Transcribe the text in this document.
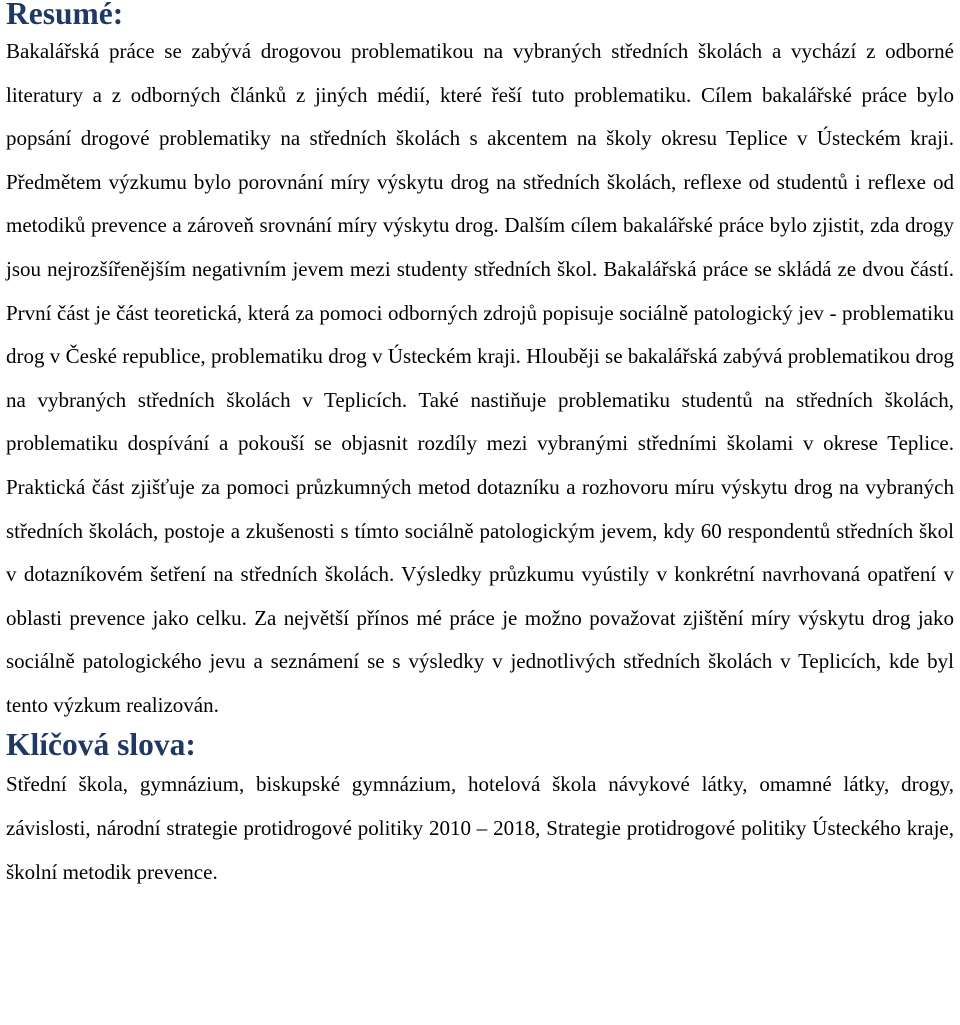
Resumé:

Bakalářská práce se zabývá drogovou problematikou na vybraných středních školách a vychází z odborné literatury a z odborných článků z jiných médií, které řeší tuto problematiku. Cílem bakalářské práce bylo popsání drogové problematiky na středních školách s akcentem na školy okresu Teplice v Ústeckém kraji. Předmětem výzkumu bylo porovnání míry výskytu drog na středních školách, reflexe od studentů i reflexe od metodiků prevence a zároveň srovnání míry výskytu drog. Dalším cílem bakalářské práce bylo zjistit, zda drogy jsou nejrozšířenějším negativním jevem mezi studenty středních škol. Bakalářská práce se skládá ze dvou částí. První část je část teoretická, která za pomoci odborných zdrojů popisuje sociálně patologický jev - problematiku drog v České republice, problematiku drog v Ústeckém kraji. Hlouběji se bakalářská zabývá problematikou drog na vybraných středních školách v Teplicích. Také nastiňuje problematiku studentů na středních školách, problematiku dospívání a pokouší se objasnit rozdíly mezi vybranými středními školami v okrese Teplice. Praktická část zjišťuje za pomoci průzkumných metod dotazníku a rozhovoru míru výskytu drog na vybraných středních školách, postoje a zkušenosti s tímto sociálně patologickým jevem, kdy 60 respondentů středních škol v dotazníkovém šetření na středních školách. Výsledky průzkumu vyústily v konkrétní navrhovaná opatření v oblasti prevence jako celku. Za největší přínos mé práce je možno považovat zjištění míry výskytu drog jako sociálně patologického jevu a seznámení se s výsledky v jednotlivých středních školách v Teplicích, kde byl tento výzkum realizován.

Klíčová slova:

Střední škola, gymnázium, biskupské gymnázium, hotelová škola návykové látky, omamné látky, drogy, závislosti, národní strategie protidrogové politiky 2010 – 2018, Strategie protidrogové politiky Ústeckého kraje, školní metodik prevence.
